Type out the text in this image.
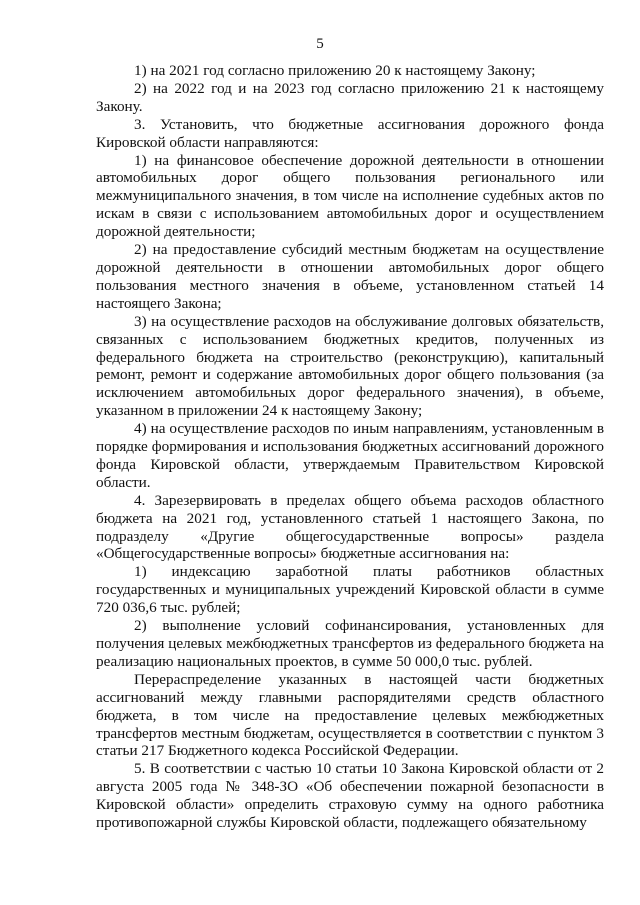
5

1) на 2021 год согласно приложению 20 к настоящему Закону;

2) на 2022 год и на 2023 год согласно приложению 21 к настоящему Закону.

3. Установить, что бюджетные ассигнования дорожного фонда Кировской области направляются:

1) на финансовое обеспечение дорожной деятельности в отношении автомобильных дорог общего пользования регионального или межмуниципального значения, в том числе на исполнение судебных актов по искам в связи с использованием автомобильных дорог и осуществлением дорожной деятельности;

2) на предоставление субсидий местным бюджетам на осуществление дорожной деятельности в отношении автомобильных дорог общего пользования местного значения в объеме, установленном статьей 14 настоящего Закона;

3) на осуществление расходов на обслуживание долговых обязательств, связанных с использованием бюджетных кредитов, полученных из федерального бюджета на строительство (реконструкцию), капитальный ремонт, ремонт и содержание автомобильных дорог общего пользования (за исключением автомобильных дорог федерального значения), в объеме, указанном в приложении 24 к настоящему Закону;

4) на осуществление расходов по иным направлениям, установленным в порядке формирования и использования бюджетных ассигнований дорожного фонда Кировской области, утверждаемым Правительством Кировской области.

4. Зарезервировать в пределах общего объема расходов областного бюджета на 2021 год, установленного статьей 1 настоящего Закона, по подразделу «Другие общегосударственные вопросы» раздела «Общегосударственные вопросы» бюджетные ассигнования на:

1) индексацию заработной платы работников областных государственных и муниципальных учреждений Кировской области в сумме 720 036,6 тыс. рублей;

2) выполнение условий софинансирования, установленных для получения целевых межбюджетных трансфертов из федерального бюджета на реализацию национальных проектов, в сумме 50 000,0 тыс. рублей.

Перераспределение указанных в настоящей части бюджетных ассигнований между главными распорядителями средств областного бюджета, в том числе на предоставление целевых межбюджетных трансфертов местным бюджетам, осуществляется в соответствии с пунктом 3 статьи 217 Бюджетного кодекса Российской Федерации.

5. В соответствии с частью 10 статьи 10 Закона Кировской области от 2 августа 2005 года № 348-ЗО «Об обеспечении пожарной безопасности в Кировской области» определить страховую сумму на одного работника противопожарной службы Кировской области, подлежащего обязательному
